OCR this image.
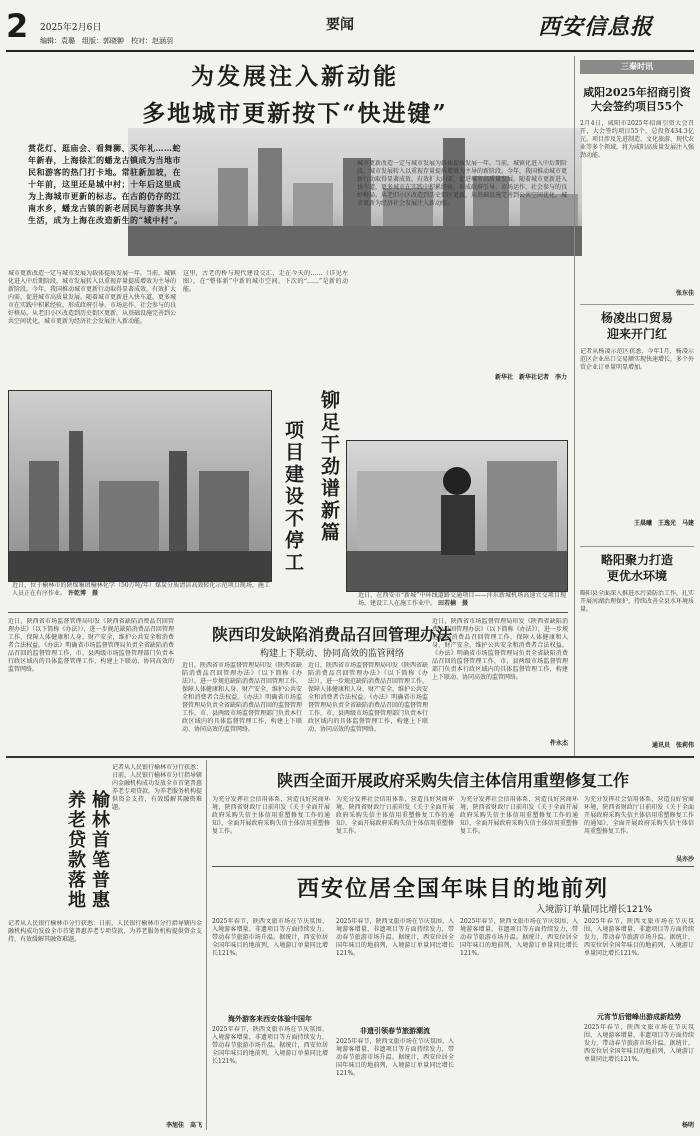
2 2025年2月6日	要闻
编辑：袁璐　组版：郭晓翀　校对：赵涵羽
西安信息报
为发展注入新动能
多地城市更新按下“快进键”
赏花灯、逛庙会、看舞狮、买年礼……蛇年新春，上海徐汇的蟠龙古镇成为当地市民和游客的热门打卡地。常驻新加坡，在十年前，这里还是城中村；十年后这里成为上海城市更新的标志。在古韵仍存的江南水乡，蟠龙古镇的新老居民与游客共享生活，成为上海在改造新生的“城中村”。
城市更新改造一定与城市发展为载体提质发展一年。当前，城镇化进入中后期阶段，城市发展转入以重视存量提质增效为主导的新阶段。今年，我国推动城市更新行动取得显著成效，有效扩大内需，促进城市高质量发展。随着城市更新进入快车道，更多城市在实践中积累经验，形成政府引导、市场运作、社会参与的良好格局。从老旧小区改造到历史街区更新，从基础设施完善到公共空间优化，城市更新为经济社会发展注入新动能。
这里，古老的桥与现代建设交汇，走在今天的……（详见左图），在“整体新”中新的城市空间。下次的“……”是新的动能。
城市更新改造一定与城市发展为载体提质发展一年。当前，城镇化进入中后期阶段，城市发展转入以重视存量提质增效为主导的新阶段。今年，我国推动城市更新行动取得显著成效，有效扩大内需，促进城市高质量发展。随着城市更新进入快车道，更多城市在实践中积累经验，形成政府引导、市场运作、社会参与的良好格局。从老旧小区改造到历史街区更新，从基础设施完善到公共空间优化，城市更新为经济社会发展注入新动能。
新华社　新华社记者　李力
铆足干劲谱新篇
项目建设不停工
近日，位于榆林市的陕煤集团榆林化学（50万吨/年）煤炭分质清洁高效转化示范项目现场，施工人员正在有序作业。 许乾博　摄	近日，在西安市“新城”中环线道路交通项目——沣东新城机场高速立交项目现场，建设工人在施工作业中。 田若楠　摄
近日，陕西省市场监督管理局印发《陕西省缺陷消费品召回管理办法》（以下简称《办法》），进一步规范缺陷消费品召回管理工作，保障人体健康和人身、财产安全，维护公共安全和消费者合法权益。《办法》明确省市场监督管理局负责全省缺陷消费品召回的监督管理工作，市、县两级市场监督管理部门负责本行政区域内的具体监督管理工作，构建上下联动、协同高效的监管网络。
陕西印发缺陷消费品召回管理办法
构建上下联动、协同高效的监管网络
近日，陕西省市场监督管理局印发《陕西省缺陷消费品召回管理办法》（以下简称《办法》），进一步规范缺陷消费品召回管理工作，保障人体健康和人身、财产安全，维护公共安全和消费者合法权益。《办法》明确省市场监督管理局负责全省缺陷消费品召回的监督管理工作，市、县两级市场监督管理部门负责本行政区域内的具体监督管理工作，构建上下联动、协同高效的监管网络。
近日，陕西省市场监督管理局印发《陕西省缺陷消费品召回管理办法》（以下简称《办法》），进一步规范缺陷消费品召回管理工作，保障人体健康和人身、财产安全，维护公共安全和消费者合法权益。《办法》明确省市场监督管理局负责全省缺陷消费品召回的监督管理工作，市、县两级市场监督管理部门负责本行政区域内的具体监督管理工作，构建上下联动、协同高效的监管网络。
近日，陕西省市场监督管理局印发《陕西省缺陷消费品召回管理办法》（以下简称《办法》），进一步规范缺陷消费品召回管理工作，保障人体健康和人身、财产安全，维护公共安全和消费者合法权益。《办法》明确省市场监督管理局负责全省缺陷消费品召回的监督管理工作，市、县两级市场监督管理部门负责本行政区域内的具体监督管理工作，构建上下联动、协同高效的监管网络。
件永杰
三秦时讯
咸阳2025年招商引资
大会签约项目55个
2月4日，咸阳市2025年招商引资大会召开，大会签约项目55个，总投资434.3亿元。项目涉及先进制造、文化旅游、现代农业等多个领域，将为咸阳高质量发展注入强劲动能。
张东佳
杨凌出口贸易
迎来开门红
记者从杨凌示范区获悉，今年1月，杨凌示范区企业出口交易额实现快速增长，多个外贸企业订单量明显增加。
王晨曦　王逸光　马建
略阳聚力打造
更优水环境
略阳县全面深入推进水污染防治工作，扎实开展河湖治理保护，持续改善全县水环境质量。
通讯员　张莉伟
榆林首笔普惠
养老贷款落地
记者从人民银行榆林市分行获悉：日前，人民银行榆林市分行指导辖内金融机构成功发放全市首笔普惠养老专项贷款，为养老服务机构提供资金支持，有效缓解其融资难题。
记者从人民银行榆林市分行获悉：日前，人民银行榆林市分行指导辖内金融机构成功发放全市首笔普惠养老专项贷款，为养老服务机构提供资金支持，有效缓解其融资难题。
李旭佳　高飞
陕西全面开展政府采购失信主体信用重塑修复工作
为充分发挥社会信用体系，营造良好营商环境，陕西省财政厅日前印发《关于全面开展政府采购失信主体信用重塑修复工作的通知》，全面开展政府采购失信主体信用重塑修复工作。
为充分发挥社会信用体系，营造良好营商环境，陕西省财政厅日前印发《关于全面开展政府采购失信主体信用重塑修复工作的通知》，全面开展政府采购失信主体信用重塑修复工作。
为充分发挥社会信用体系，营造良好营商环境，陕西省财政厅日前印发《关于全面开展政府采购失信主体信用重塑修复工作的通知》，全面开展政府采购失信主体信用重塑修复工作。
为充分发挥社会信用体系，营造良好营商环境，陕西省财政厅日前印发《关于全面开展政府采购失信主体信用重塑修复工作的通知》，全面开展政府采购失信主体信用重塑修复工作。
吴亦沙
西安位居全国年味目的地前列
入境游订单量同比增长121%
2025年春节，陕西文旅市场在节庆氛围、入境游客增量、非遗项目等方面持续发力，带动春节旅游市场升温。据统计，西安位居全国年味目的地前列，入境游订单量同比增长121%。
海外游客来西安体验中国年
2025年春节，陕西文旅市场在节庆氛围、入境游客增量、非遗项目等方面持续发力，带动春节旅游市场升温。据统计，西安位居全国年味目的地前列，入境游订单量同比增长121%。
2025年春节，陕西文旅市场在节庆氛围、入境游客增量、非遗项目等方面持续发力，带动春节旅游市场升温。据统计，西安位居全国年味目的地前列，入境游订单量同比增长121%。
非遗引领春节旅游潮流
2025年春节，陕西文旅市场在节庆氛围、入境游客增量、非遗项目等方面持续发力，带动春节旅游市场升温。据统计，西安位居全国年味目的地前列，入境游订单量同比增长121%。
2025年春节，陕西文旅市场在节庆氛围、入境游客增量、非遗项目等方面持续发力，带动春节旅游市场升温。据统计，西安位居全国年味目的地前列，入境游订单量同比增长121%。
2025年春节，陕西文旅市场在节庆氛围、入境游客增量、非遗项目等方面持续发力，带动春节旅游市场升温。据统计，西安位居全国年味目的地前列，入境游订单量同比增长121%。
元宵节后错峰出游成新趋势
2025年春节，陕西文旅市场在节庆氛围、入境游客增量、非遗项目等方面持续发力，带动春节旅游市场升温。据统计，西安位居全国年味目的地前列，入境游订单量同比增长121%。
杨明
